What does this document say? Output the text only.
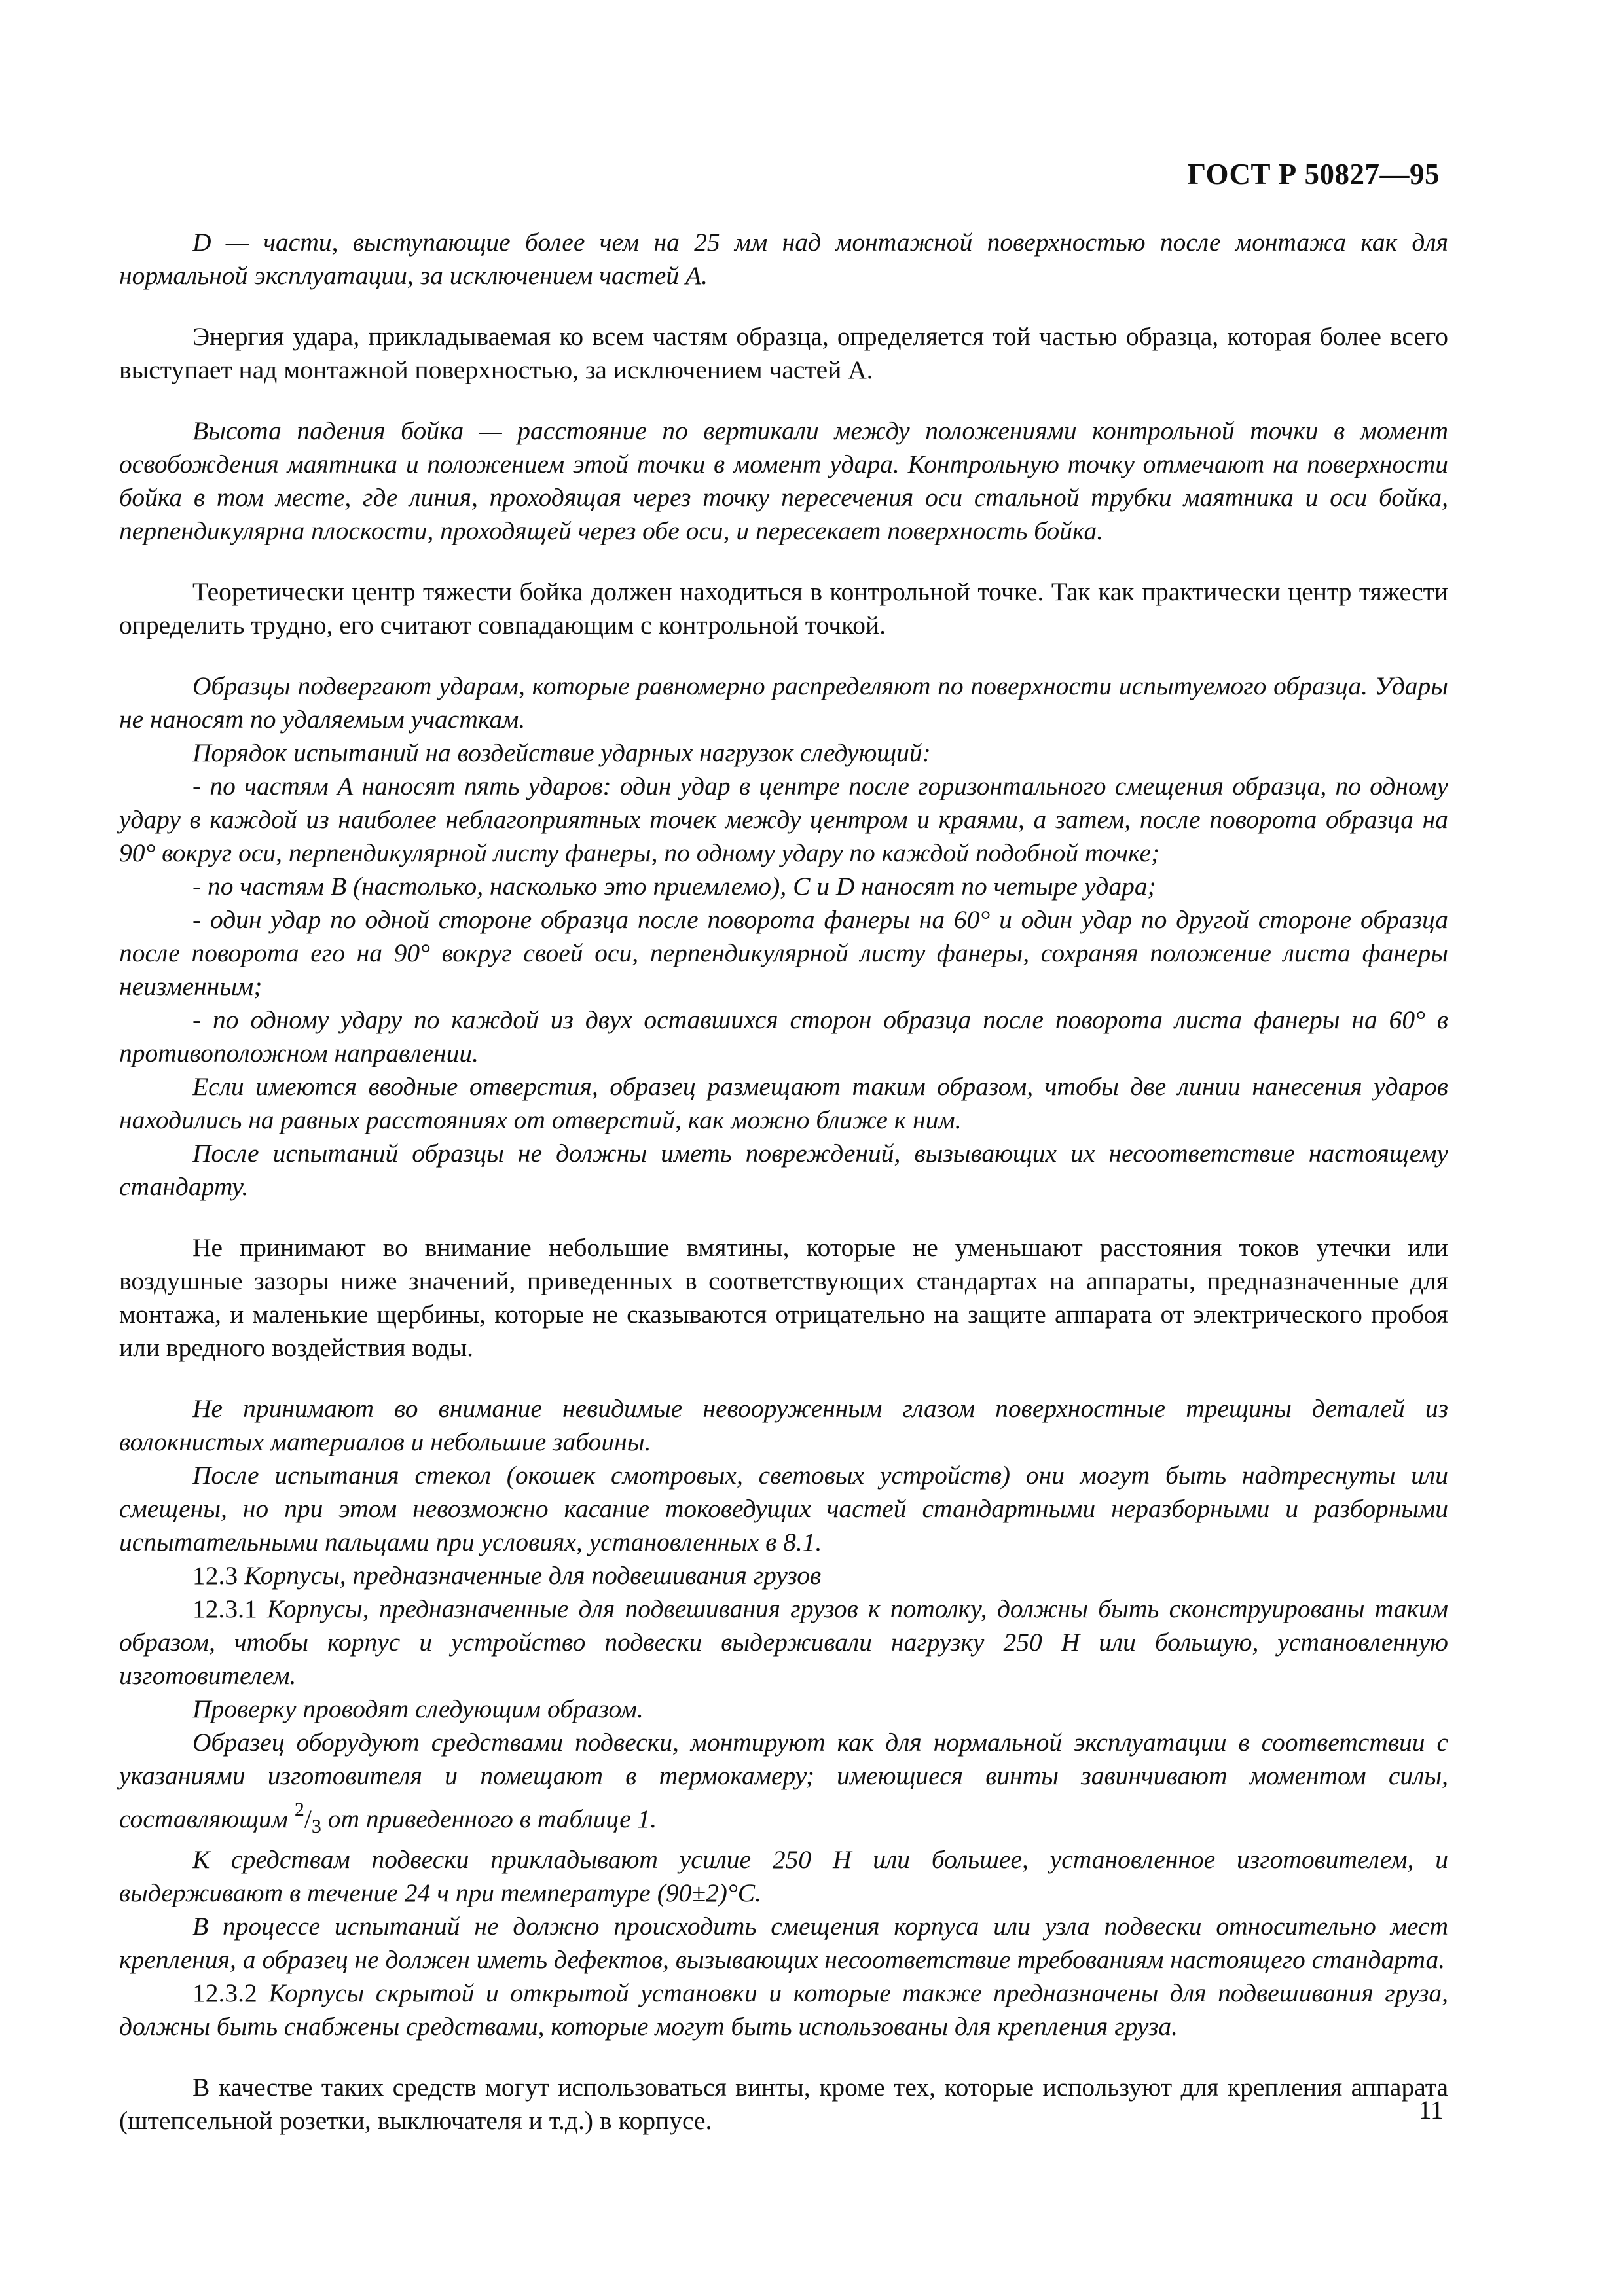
ГОСТ Р 50827—95

D — части, выступающие более чем на 25 мм над монтажной поверхностью после монтажа как для нормальной эксплуатации, за исключением частей А.

Энергия удара, прикладываемая ко всем частям образца, определяется той частью образца, которая более всего выступает над монтажной поверхностью, за исключением частей А.

Высота падения бойка — расстояние по вертикали между положениями контрольной точки в момент освобождения маятника и положением этой точки в момент удара. Контрольную точку отмечают на поверхности бойка в том месте, где линия, проходящая через точку пересечения оси стальной трубки маятника и оси бойка, перпендикулярна плоскости, проходящей через обе оси, и пересекает поверхность бойка.

Теоретически центр тяжести бойка должен находиться в контрольной точке. Так как практически центр тяжести определить трудно, его считают совпадающим с контрольной точкой.

Образцы подвергают ударам, которые равномерно распределяют по поверхности испытуемого образца. Удары не наносят по удаляемым участкам.

Порядок испытаний на воздействие ударных нагрузок следующий:

- по частям А наносят пять ударов: один удар в центре после горизонтального смещения образца, по одному удару в каждой из наиболее неблагоприятных точек между центром и краями, а затем, после поворота образца на 90° вокруг оси, перпендикулярной листу фанеры, по одному удару по каждой подобной точке;

- по частям В (настолько, насколько это приемлемо), С и D наносят по четыре удара;

- один удар по одной стороне образца после поворота фанеры на 60° и один удар по другой стороне образца после поворота его на 90° вокруг своей оси, перпендикулярной листу фанеры, сохраняя положение листа фанеры неизменным;

- по одному удару по каждой из двух оставшихся сторон образца после поворота листа фанеры на 60° в противоположном направлении.

Если имеются вводные отверстия, образец размещают таким образом, чтобы две линии нанесения ударов находились на равных расстояниях от отверстий, как можно ближе к ним.

После испытаний образцы не должны иметь повреждений, вызывающих их несоответствие настоящему стандарту.

Не принимают во внимание небольшие вмятины, которые не уменьшают расстояния токов утечки или воздушные зазоры ниже значений, приведенных в соответствующих стандартах на аппараты, предназначенные для монтажа, и маленькие щербины, которые не сказываются отрицательно на защите аппарата от электрического пробоя или вредного воздействия воды.

Не принимают во внимание невидимые невооруженным глазом поверхностные трещины деталей из волокнистых материалов и небольшие забоины.

После испытания стекол (окошек смотровых, световых устройств) они могут быть надтреснуты или смещены, но при этом невозможно касание токоведущих частей стандартными неразборными и разборными испытательными пальцами при условиях, установленных в 8.1.

12.3 Корпусы, предназначенные для подвешивания грузов

12.3.1 Корпусы, предназначенные для подвешивания грузов к потолку, должны быть сконструированы таким образом, чтобы корпус и устройство подвески выдерживали нагрузку 250 Н или большую, установленную изготовителем.

Проверку проводят следующим образом.

Образец оборудуют средствами подвески, монтируют как для нормальной эксплуатации в соответствии с указаниями изготовителя и помещают в термокамеру; имеющиеся винты завинчивают моментом силы, составляющим $^2/_3$ от приведенного в таблице 1.

К средствам подвески прикладывают усилие 250 Н или большее, установленное изготовителем, и выдерживают в течение 24 ч при температуре (90±2)°С.

В процессе испытаний не должно происходить смещения корпуса или узла подвески относительно мест крепления, а образец не должен иметь дефектов, вызывающих несоответствие требованиям настоящего стандарта.

12.3.2 Корпусы скрытой и открытой установки и которые также предназначены для подвешивания груза, должны быть снабжены средствами, которые могут быть использованы для крепления груза.

В качестве таких средств могут использоваться винты, кроме тех, которые используют для крепления аппарата (штепсельной розетки, выключателя и т.д.) в корпусе.	11
